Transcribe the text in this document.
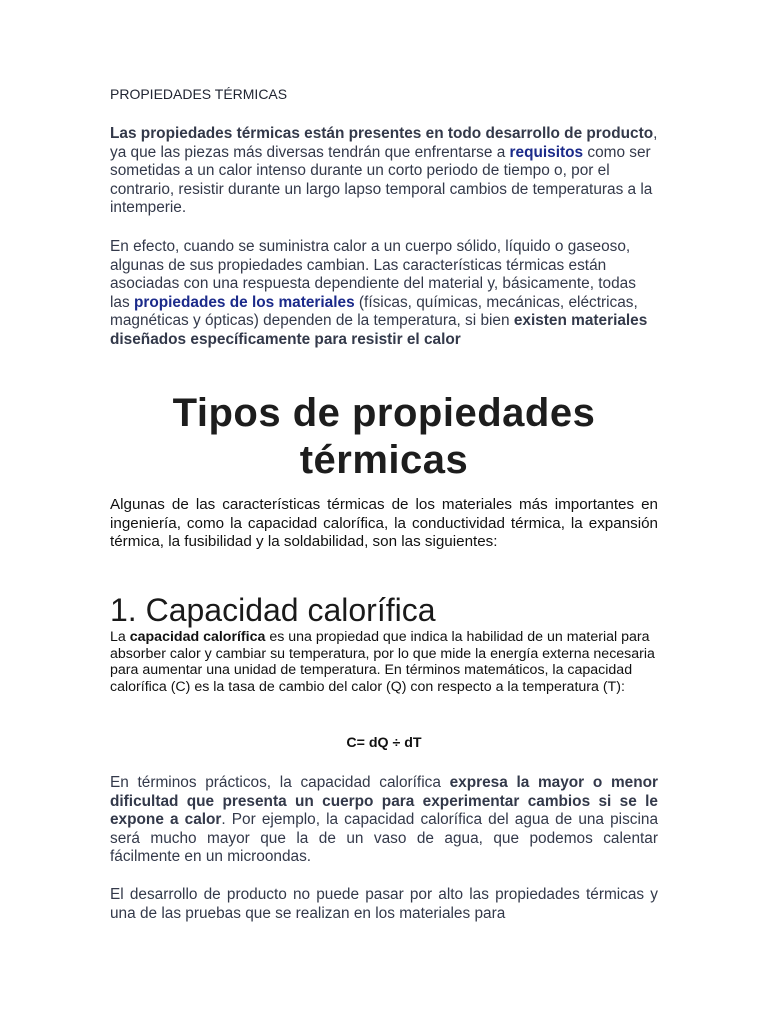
PROPIEDADES TÉRMICAS

Las propiedades térmicas están presentes en todo desarrollo de producto, ya que las piezas más diversas tendrán que enfrentarse a requisitos como ser sometidas a un calor intenso durante un corto periodo de tiempo o, por el contrario, resistir durante un largo lapso temporal cambios de temperaturas a la intemperie.

En efecto, cuando se suministra calor a un cuerpo sólido, líquido o gaseoso, algunas de sus propiedades cambian. Las características térmicas están asociadas con una respuesta dependiente del material y, básicamente, todas las propiedades de los materiales (físicas, químicas, mecánicas, eléctricas, magnéticas y ópticas) dependen de la temperatura, si bien existen materiales diseñados específicamente para resistir el calor

Tipos de propiedades térmicas

Algunas de las características térmicas de los materiales más importantes en ingeniería, como la capacidad calorífica, la conductividad térmica, la expansión térmica, la fusibilidad y la soldabilidad, son las siguientes:

1. Capacidad calorífica

La capacidad calorífica es una propiedad que indica la habilidad de un material para absorber calor y cambiar su temperatura, por lo que mide la energía externa necesaria para aumentar una unidad de temperatura. En términos matemáticos, la capacidad calorífica (C) es la tasa de cambio del calor (Q) con respecto a la temperatura (T):

C= dQ ÷ dT

En términos prácticos, la capacidad calorífica expresa la mayor o menor dificultad que presenta un cuerpo para experimentar cambios si se le expone a calor. Por ejemplo, la capacidad calorífica del agua de una piscina será mucho mayor que la de un vaso de agua, que podemos calentar fácilmente en un microondas.

El desarrollo de producto no puede pasar por alto las propiedades térmicas y una de las pruebas que se realizan en los materiales para
